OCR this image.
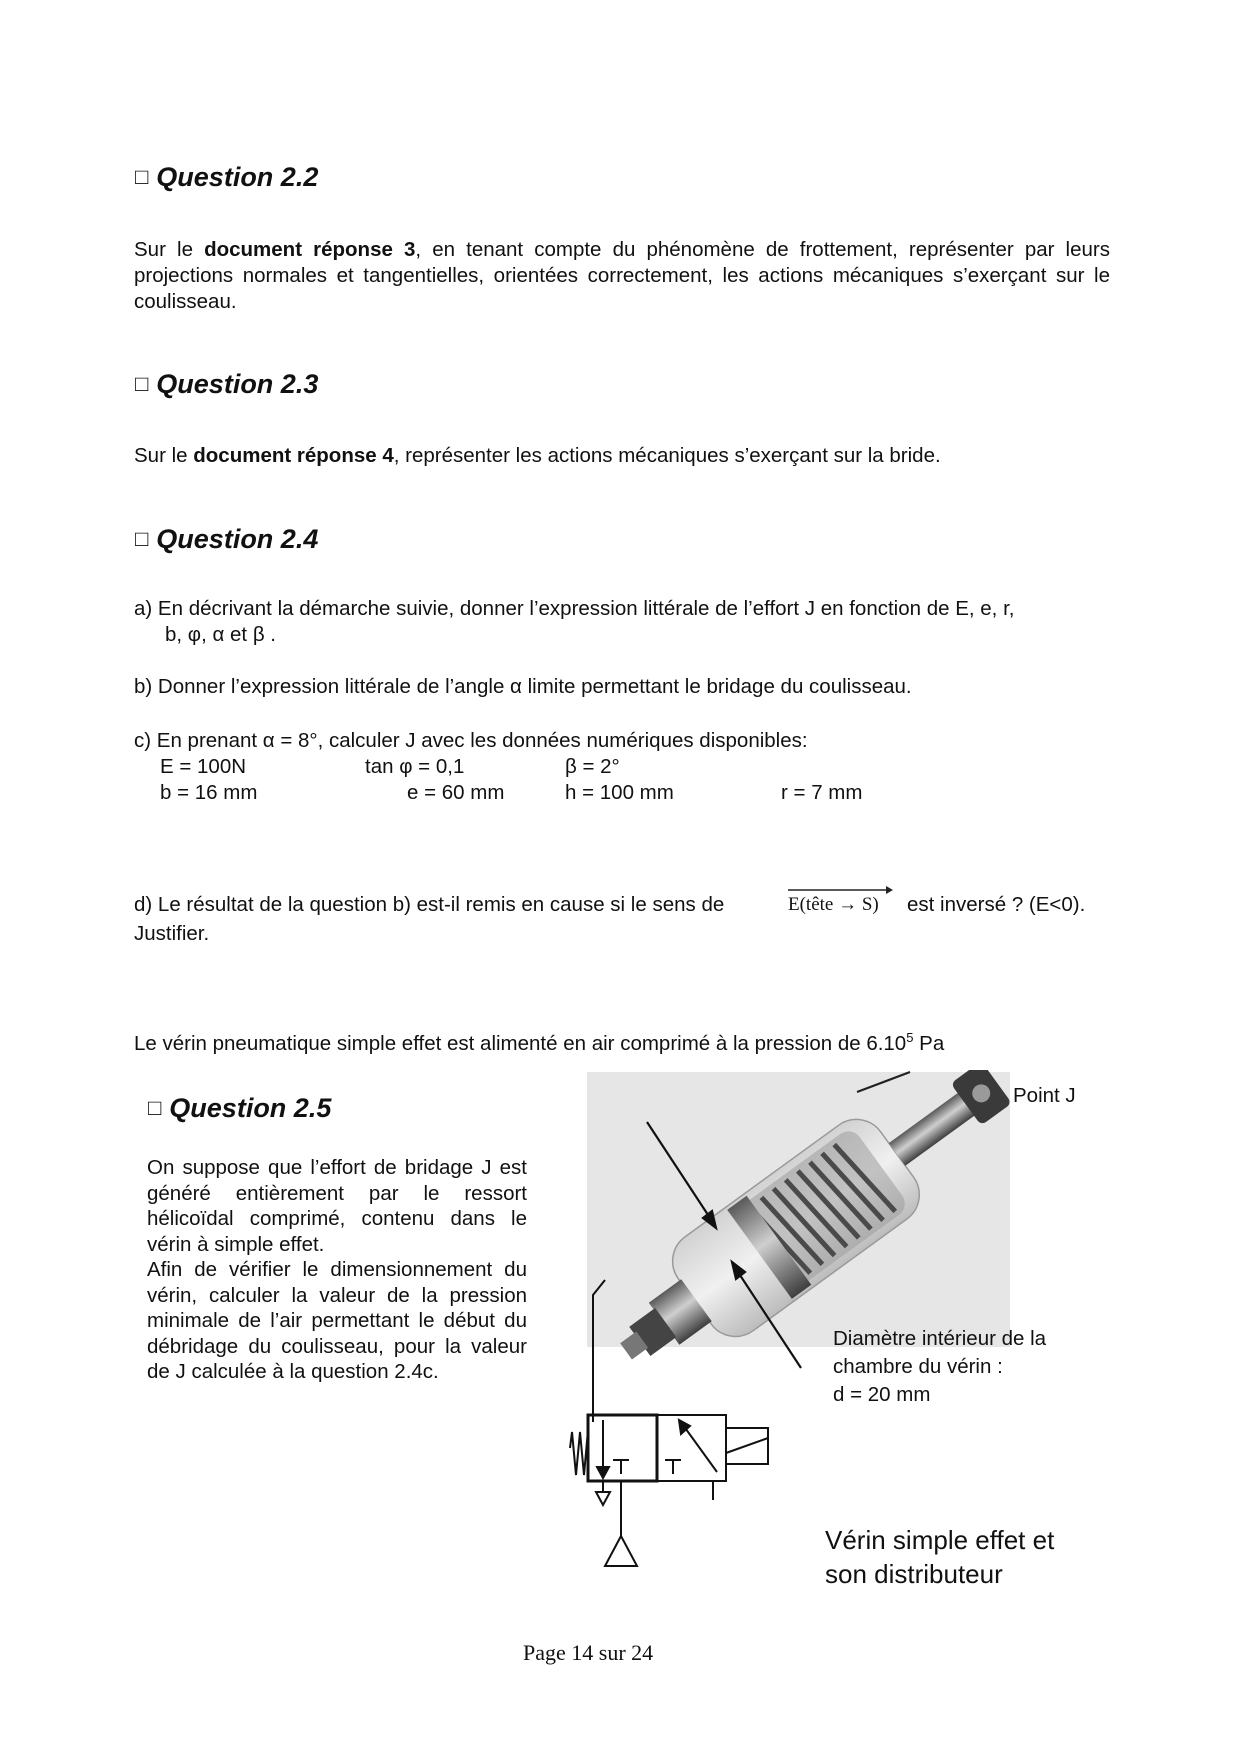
□ Question 2.2
Sur le document réponse 3, en tenant compte du phénomène de frottement, représenter par leurs projections normales et tangentielles, orientées correctement, les actions mécaniques s’exerçant sur le coulisseau.
□ Question 2.3
Sur le document réponse 4, représenter les actions mécaniques s’exerçant sur la bride.
□ Question 2.4
a) En décrivant la démarche suivie, donner l’expression littérale de l’effort J en fonction de E, e, r,
b, φ, α et β .
b) Donner l’expression littérale de l’angle α limite permettant le bridage du coulisseau.
c) En prenant α = 8°, calculer J avec les données numériques disponibles:
E = 100N	tan φ = 0,1	β = 2°
b = 16 mm	e = 60 mm	h = 100 mm	r = 7 mm
d) Le résultat de la question b) est-il remis en cause si le sens de	E(tête → S) est inversé ? (E<0).
Justifier.
Le vérin pneumatique simple effet est alimenté en air comprimé à la pression de 6.10$^5$ Pa
□ Question 2.5
On suppose que l’effort de bridage J est généré entièrement par le ressort hélicoïdal comprimé, contenu dans le vérin à simple effet.
Afin de vérifier le dimensionnement du vérin, calculer la valeur de la pression minimale de l’air permettant le début du débridage du coulisseau, pour la valeur de J calculée à la question 2.4c.
Point J
Diamètre intérieur de la
chambre du vérin :
d = 20 mm
Vérin simple effet et
son distributeur
Page 14 sur 24
